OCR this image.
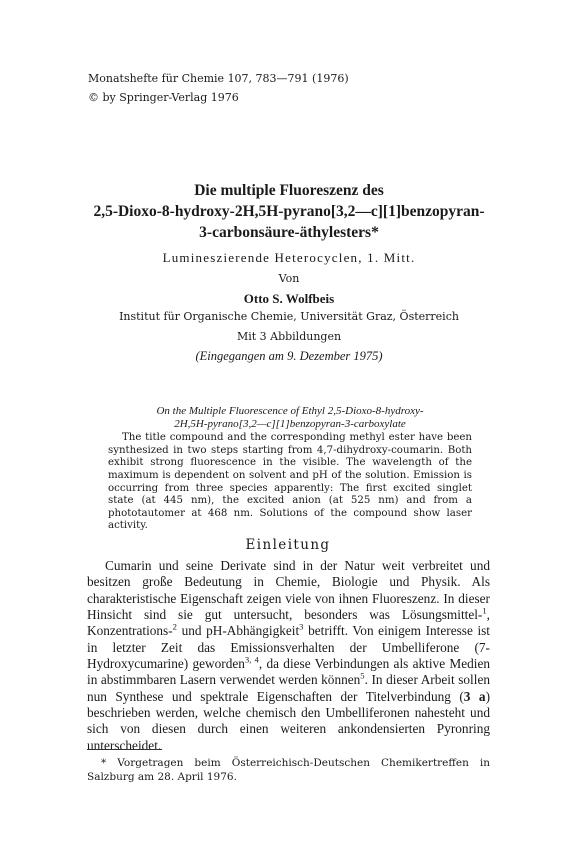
Monatshefte für Chemie 107, 783—791 (1976)
© by Springer-Verlag 1976
Die multiple Fluoreszenz des
2,5-Dioxo-8-hydroxy-2H,5H-pyrano[3,2—c][1]benzopyran-
3-carbonsäure-äthylesters*
Lumineszierende Heterocyclen, 1. Mitt.
Von
Otto S. Wolfbeis
Institut für Organische Chemie, Universität Graz, Österreich
Mit 3 Abbildungen
(Eingegangen am 9. Dezember 1975)
On the Multiple Fluorescence of Ethyl 2,5-Dioxo-8-hydroxy-
2H,5H-pyrano[3,2—c][1]benzopyran-3-carboxylate
The title compound and the corresponding methyl ester have been synthesized in two steps starting from 4,7-dihydroxy-coumarin. Both exhibit strong fluorescence in the visible. The wavelength of the maximum is dependent on solvent and pH of the solution. Emission is occurring from three species apparently: The first excited singlet state (at 445 nm), the excited anion (at 525 nm) and from a phototautomer at 468 nm. Solutions of the compound show laser activity.
Einleitung
Cumarin und seine Derivate sind in der Natur weit verbreitet und besitzen große Bedeutung in Chemie, Biologie und Physik. Als charakteristische Eigenschaft zeigen viele von ihnen Fluoreszenz. In dieser Hinsicht sind sie gut untersucht, besonders was Lösungsmittel-$^1$, Konzentrations-$^2$ und pH-Abhängigkeit$^3$ betrifft. Von einigem Interesse ist in letzter Zeit das Emissionsverhalten der Umbelliferone (7-Hydroxycumarine) geworden$^{3, 4}$, da diese Verbindungen als aktive Medien in abstimmbaren Lasern verwendet werden können$^5$. In dieser Arbeit sollen nun Synthese und spektrale Eigenschaften der Titelverbindung (3 a) beschrieben werden, welche chemisch den Umbelliferonen nahesteht und sich von diesen durch einen weiteren ankondensierten Pyronring unterscheidet.
* Vorgetragen beim Österreichisch-Deutschen Chemikertreffen in Salzburg am 28. April 1976.
